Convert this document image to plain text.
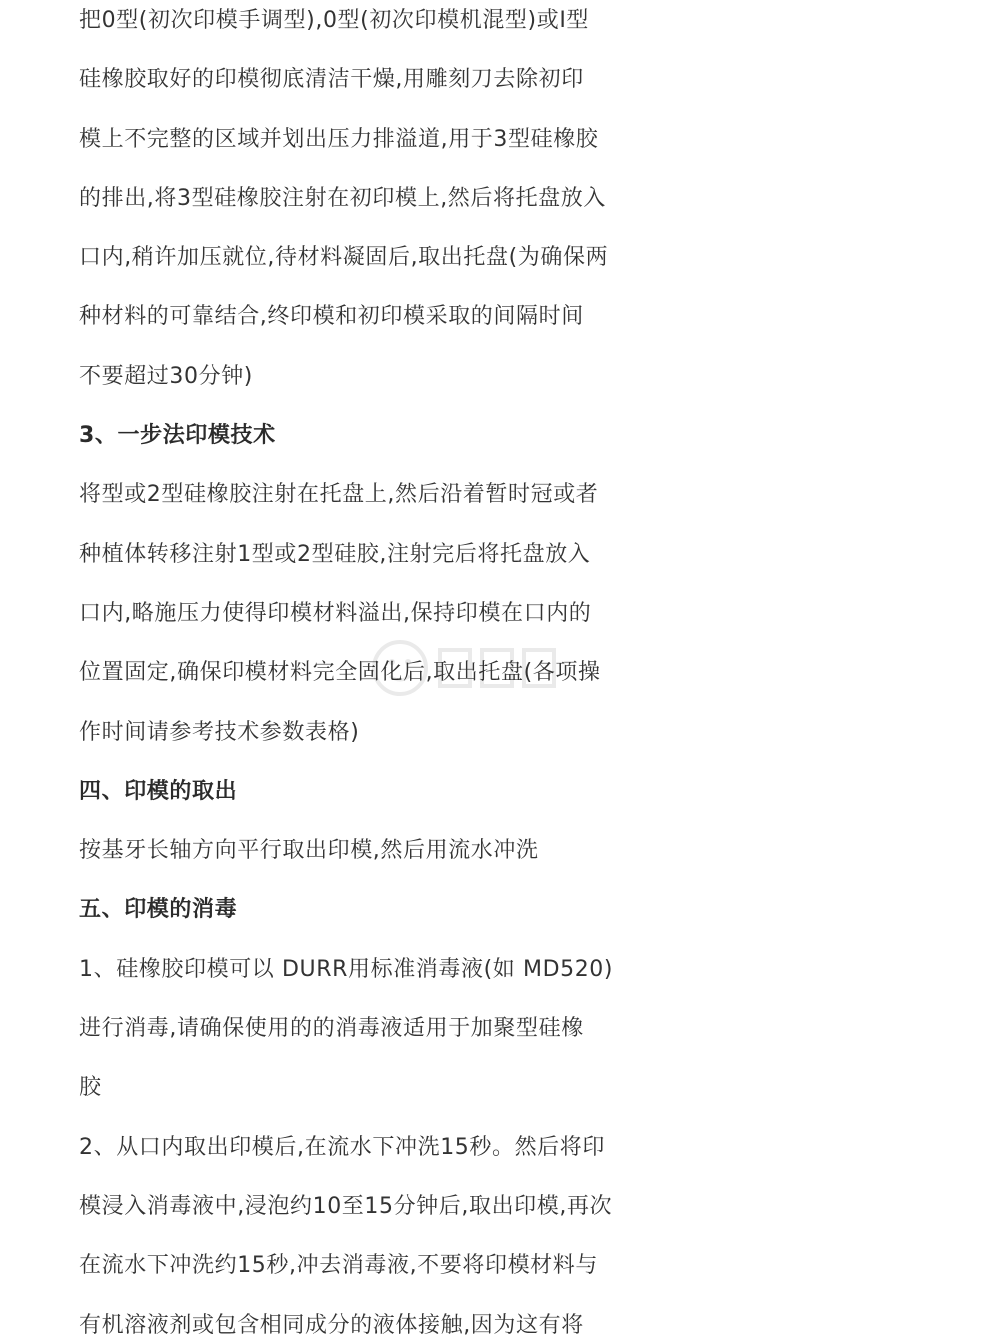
把0型(初次印模手调型),0型(初次印模机混型)或Ⅰ型
硅橡胶取好的印模彻底清洁干燥,用雕刻刀去除初印
模上不完整的区域并划出压力排溢道,用于3型硅橡胶
的排出,将3型硅橡胶注射在初印模上,然后将托盘放入
口内,稍许加压就位,待材料凝固后,取出托盘(为确保两
种材料的可靠结合,终印模和初印模采取的间隔时间
不要超过30分钟)
3、一步法印模技术
将型或2型硅橡胶注射在托盘上,然后沿着暂时冠或者
种植体转移注射1型或2型硅胶,注射完后将托盘放入
口内,略施压力使得印模材料溢出,保持印模在口内的
位置固定,确保印模材料完全固化后,取出托盘(各项操
作时间请参考技术参数表格)
四、印模的取出
按基牙长轴方向平行取出印模,然后用流水冲洗
五、印模的消毒
1、硅橡胶印模可以 DURR用标准消毒液(如 MD520)
进行消毒,请确保使用的的消毒液适用于加聚型硅橡
胶
2、从口内取出印模后,在流水下冲洗15秒。然后将印
模浸入消毒液中,浸泡约10至15分钟后,取出印模,再次
在流水下冲洗约15秒,冲去消毒液,不要将印模材料与
有机溶液剂或包含相同成分的液体接触,因为这有将
